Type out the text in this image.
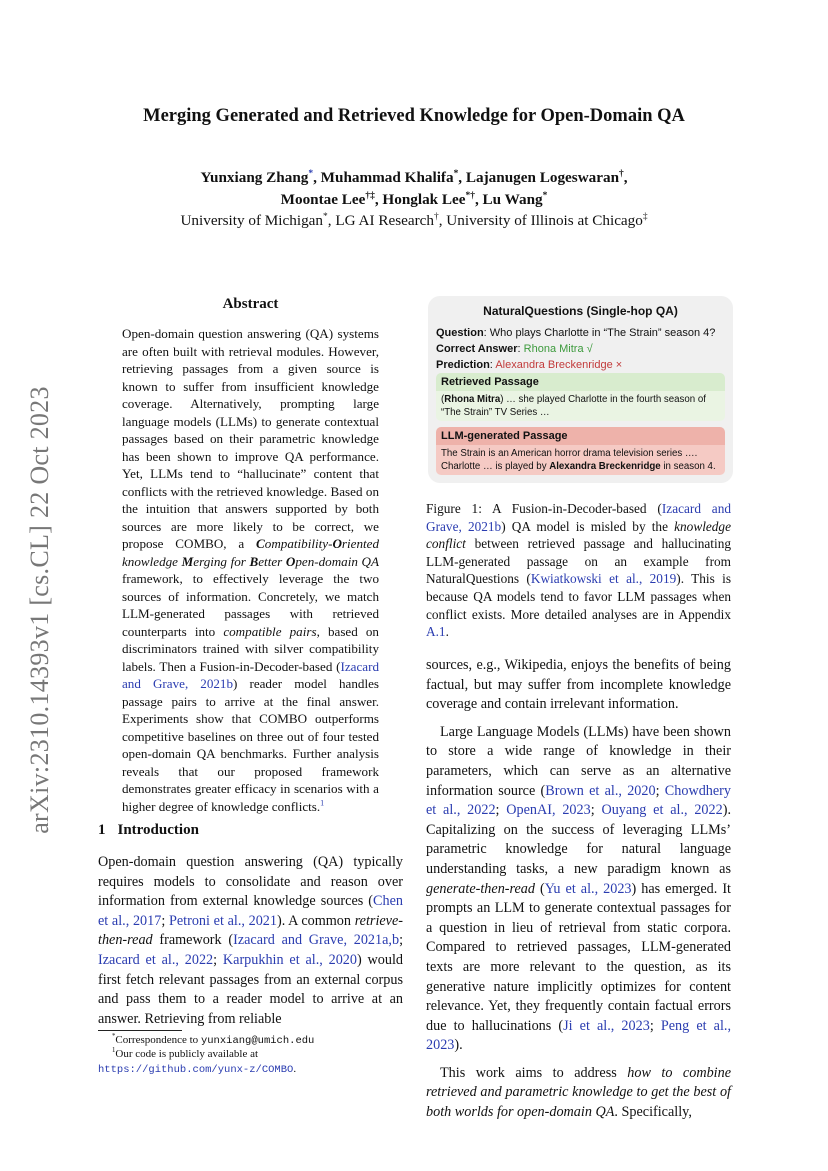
Merging Generated and Retrieved Knowledge for Open-Domain QA
Yunxiang Zhang*, Muhammad Khalifa*, Lajanugen Logeswaran†,
Moontae Lee†‡, Honglak Lee*†, Lu Wang*
University of Michigan*, LG AI Research†, University of Illinois at Chicago‡
arXiv:2310.14393v1 [cs.CL] 22 Oct 2023
Abstract
Open-domain question answering (QA) systems are often built with retrieval modules. However, retrieving passages from a given source is known to suffer from insufficient knowledge coverage. Alternatively, prompting large language models (LLMs) to generate contextual passages based on their parametric knowledge has been shown to improve QA performance. Yet, LLMs tend to “hallucinate” content that conflicts with the retrieved knowledge. Based on the intuition that answers supported by both sources are more likely to be correct, we propose COMBO, a Compatibility-Oriented knowledge Merging for Better Open-domain QA framework, to effectively leverage the two sources of information. Concretely, we match LLM-generated passages with retrieved counterparts into compatible pairs, based on discriminators trained with silver compatibility labels. Then a Fusion-in-Decoder-based (Izacard and Grave, 2021b) reader model handles passage pairs to arrive at the final answer. Experiments show that COMBO outperforms competitive baselines on three out of four tested open-domain QA benchmarks. Further analysis reveals that our proposed framework demonstrates greater efficacy in scenarios with a higher degree of knowledge conflicts.$^1$
1 Introduction
Open-domain question answering (QA) typically requires models to consolidate and reason over information from external knowledge sources (Chen et al., 2017; Petroni et al., 2021). A common retrieve-then-read framework (Izacard and Grave, 2021a,b; Izacard et al., 2022; Karpukhin et al., 2020) would first fetch relevant passages from an external corpus and pass them to a reader model to arrive at an answer. Retrieving from reliable
*Correspondence to yunxiang@umich.edu
$^1$Our code is publicly available at https://github.com/yunx-z/COMBO.
NaturalQuestions (Single-hop QA)
Question: Who plays Charlotte in “The Strain” season 4?
Correct Answer: Rhona Mitra √
Prediction: Alexandra Breckenridge ×
Retrieved Passage
(Rhona Mitra) … she played Charlotte in the fourth season of “The Strain” TV Series …
LLM-generated Passage
The Strain is an American horror drama television series …. Charlotte … is played by Alexandra Breckenridge in season 4.
Figure 1: A Fusion-in-Decoder-based (Izacard and Grave, 2021b) QA model is misled by the knowledge conflict between retrieved passage and hallucinating LLM-generated passage on an example from NaturalQuestions (Kwiatkowski et al., 2019). This is because QA models tend to favor LLM passages when conflict exists. More detailed analyses are in Appendix A.1.

sources, e.g., Wikipedia, enjoys the benefits of being factual, but may suffer from incomplete knowledge coverage and contain irrelevant information.

Large Language Models (LLMs) have been shown to store a wide range of knowledge in their parameters, which can serve as an alternative information source (Brown et al., 2020; Chowdhery et al., 2022; OpenAI, 2023; Ouyang et al., 2022). Capitalizing on the success of leveraging LLMs’ parametric knowledge for natural language understanding tasks, a new paradigm known as generate-then-read (Yu et al., 2023) has emerged. It prompts an LLM to generate contextual passages for a question in lieu of retrieval from static corpora. Compared to retrieved passages, LLM-generated texts are more relevant to the question, as its generative nature implicitly optimizes for content relevance. Yet, they frequently contain factual errors due to hallucinations (Ji et al., 2023; Peng et al., 2023).

This work aims to address how to combine retrieved and parametric knowledge to get the best of both worlds for open-domain QA. Specifically,
